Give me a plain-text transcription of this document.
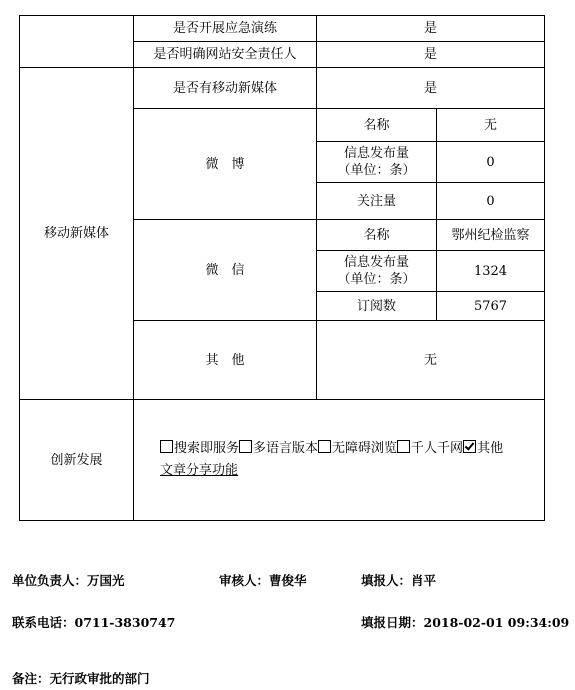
	是否开展应急演练	是	
	是否明确网站安全责任人	是	
移动新媒体	是否有移动新媒体	是	
	微　博	名称	无

		信息发布量
（单位：条）	0
		关注量	0
	微　信	名称	鄂州纪检监察

		信息发布量
（单位：条）	1324
		订阅数	5767
	其　他	无	
创新发展	搜索即服务 多语言版本 无障碍浏览 千人千网 其他
文章分享功能		
单位负责人：万国光	审核人：曹俊华	填报人：肖平
联系电话：0711-3830747	填报日期：2018-02-01 09:34:09
备注：无行政审批的部门
